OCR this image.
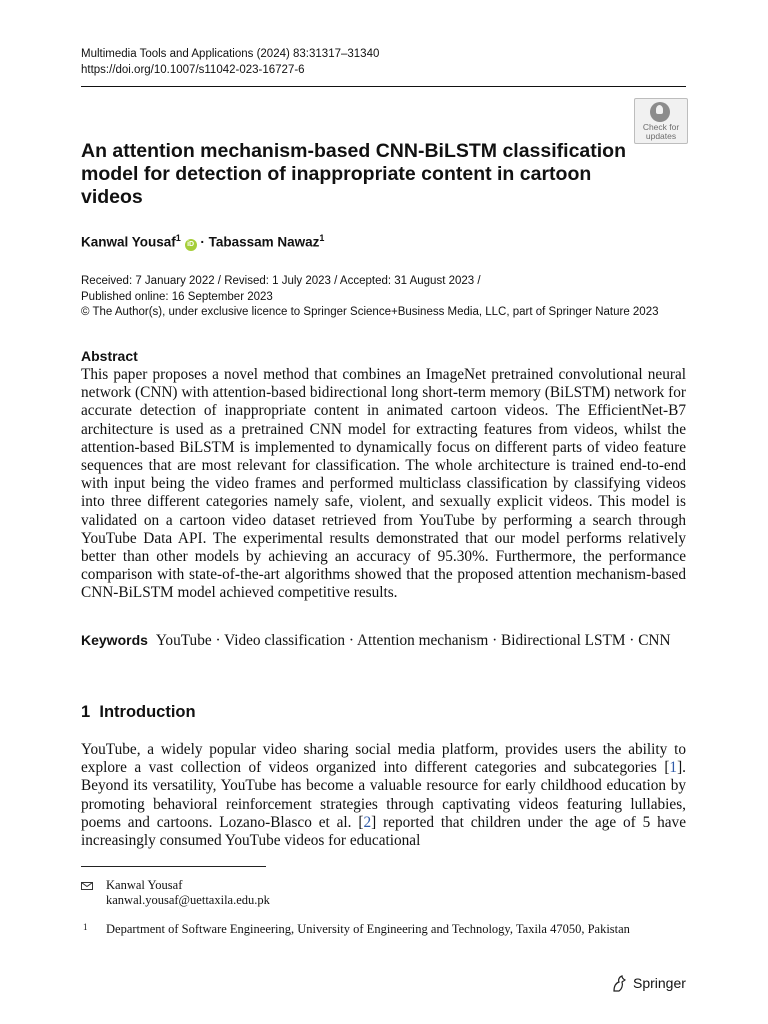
Multimedia Tools and Applications (2024) 83:31317–31340
https://doi.org/10.1007/s11042-023-16727-6
Check for
updates
An attention mechanism-based CNN-BiLSTM classification model for detection of inappropriate content in cartoon videos
Kanwal Yousaf$^1$ iD · Tabassam Nawaz$^1$
Received: 7 January 2022 / Revised: 1 July 2023 / Accepted: 31 August 2023 /
Published online: 16 September 2023
© The Author(s), under exclusive licence to Springer Science+Business Media, LLC, part of Springer Nature 2023
Abstract
This paper proposes a novel method that combines an ImageNet pretrained convolutional neural network (CNN) with attention-based bidirectional long short-term memory (BiLSTM) network for accurate detection of inappropriate content in animated cartoon videos. The EfficientNet-B7 architecture is used as a pretrained CNN model for extracting features from videos, whilst the attention-based BiLSTM is implemented to dynamically focus on different parts of video feature sequences that are most relevant for classification. The whole architecture is trained end-to-end with input being the video frames and performed multiclass classification by classifying videos into three different categories namely safe, violent, and sexually explicit videos. This model is validated on a cartoon video dataset retrieved from YouTube by performing a search through YouTube Data API. The experimental results demonstrated that our model performs relatively better than other models by achieving an accuracy of 95.30%. Furthermore, the performance comparison with state-of-the-art algorithms showed that the proposed attention mechanism-based CNN-BiLSTM model achieved competitive results.
Keywords YouTube · Video classification · Attention mechanism · Bidirectional LSTM · CNN
1 Introduction
YouTube, a widely popular video sharing social media platform, provides users the ability to explore a vast collection of videos organized into different categories and subcategories [1]. Beyond its versatility, YouTube has become a valuable resource for early childhood education by promoting behavioral reinforcement strategies through captivating videos featuring lullabies, poems and cartoons. Lozano-Blasco et al. [2] reported that children under the age of 5 have increasingly consumed YouTube videos for educational
Kanwal Yousaf
kanwal.yousaf@uettaxila.edu.pk
1 Department of Software Engineering, University of Engineering and Technology, Taxila 47050, Pakistan
Springer
